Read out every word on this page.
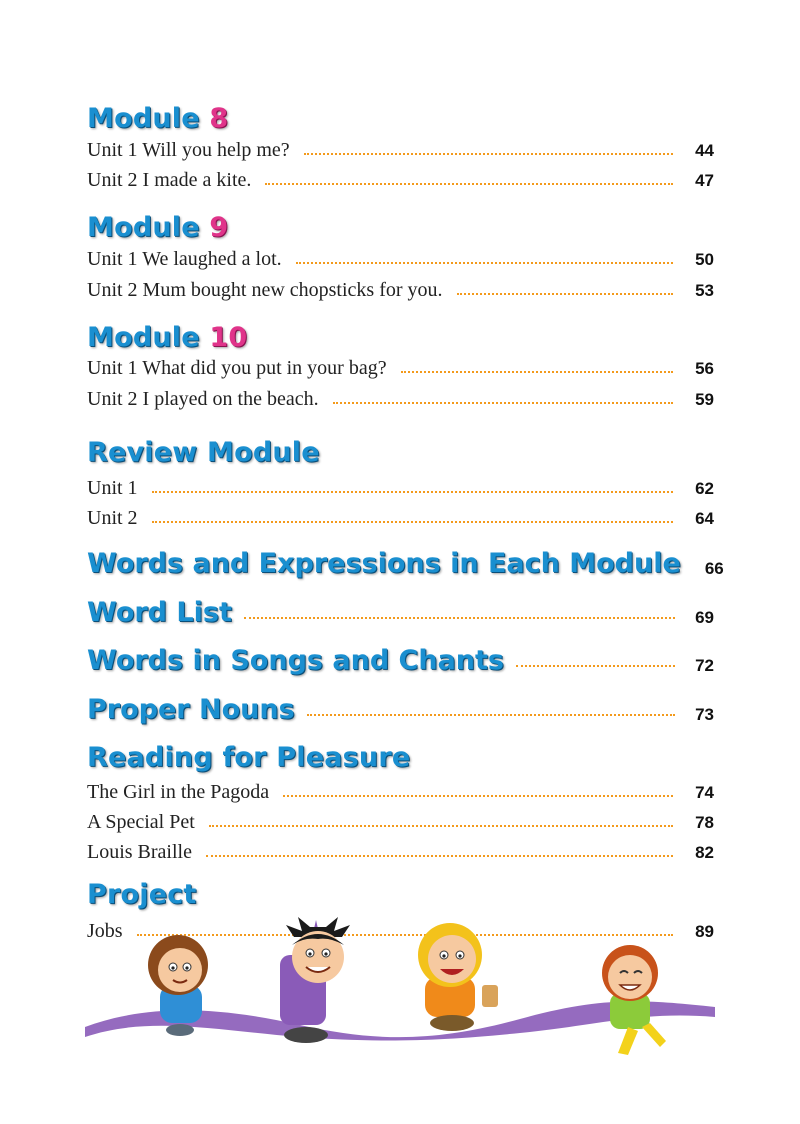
Module 8
Unit 1 Will you help me?	44
Unit 2 I made a kite.	47
Module 9
Unit 1 We laughed a lot.	50
Unit 2 Mum bought new chopsticks for you.	53
Module 10
Unit 1 What did you put in your bag?	56
Unit 2 I played on the beach.	59
Review Module
Unit 1	62
Unit 2	64
Words and Expressions in Each Module 66
Word List	69
Words in Songs and Chants	72
Proper Nouns	73
Reading for Pleasure
The Girl in the Pagoda	74
A Special Pet	78
Louis Braille	82
Project
Jobs	89
